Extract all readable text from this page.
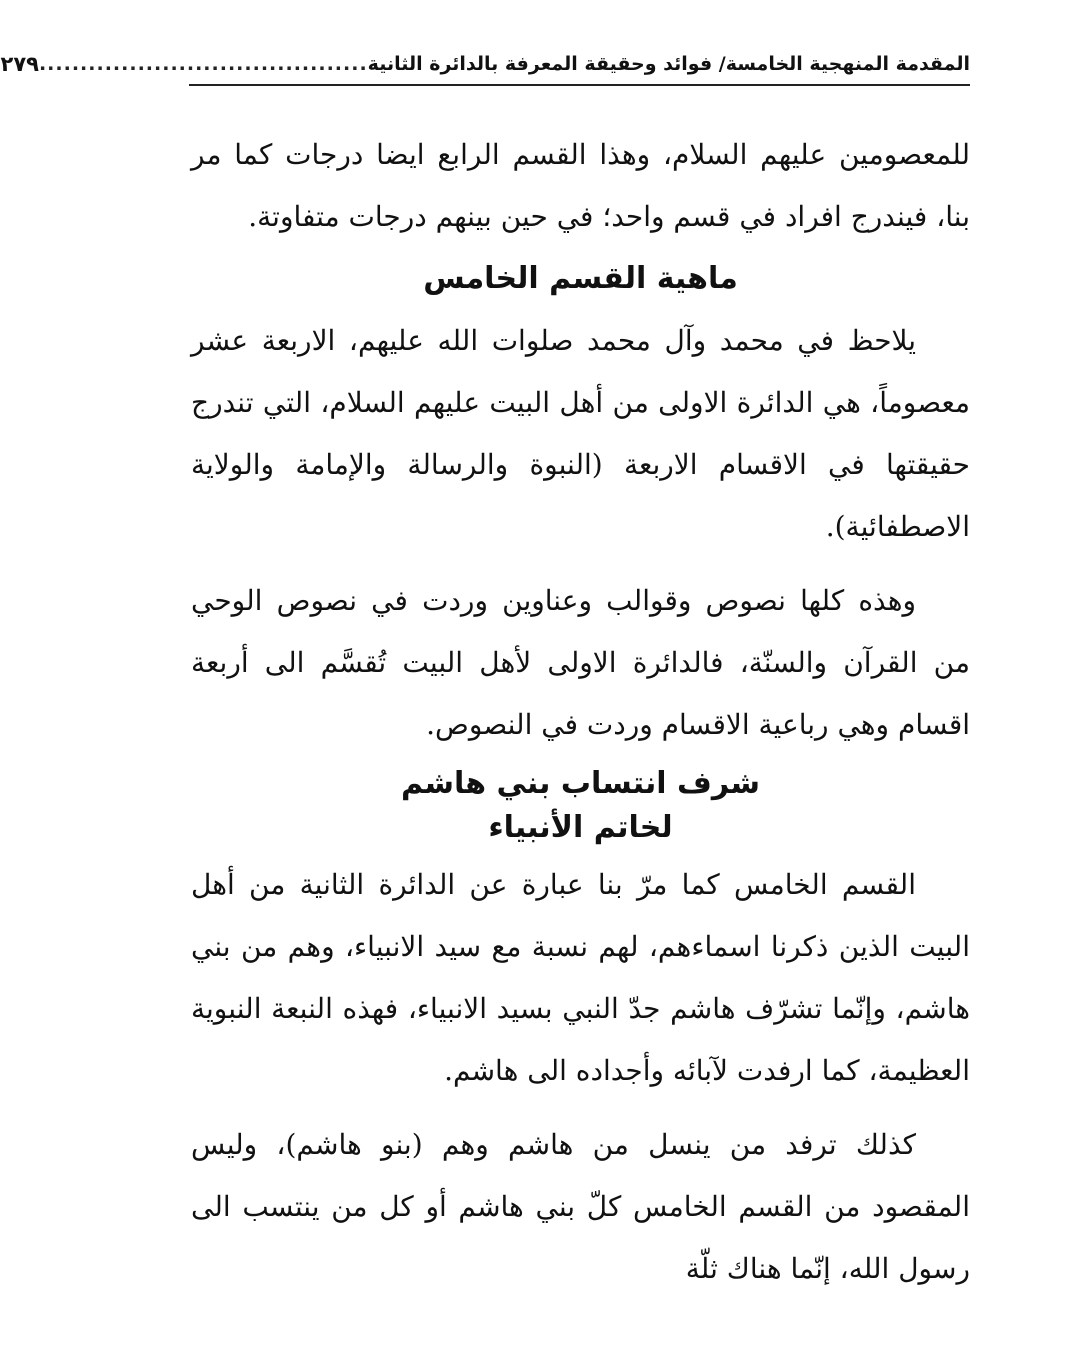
المقدمة المنهجية الخامسة/ فوائد وحقيقة المعرفة بالدائرة الثانية
........................................
٢٧٩

للمعصومين عليهم السلام، وهذا القسم الرابع ايضا درجات كما مر بنا، فيندرج افراد في قسم واحد؛ في حين بينهم درجات متفاوتة.

ماهية القسم الخامس

يلاحظ في محمد وآل محمد صلوات الله عليهم، الاربعة عشر معصوماً، هي الدائرة الاولى من أهل البيت عليهم السلام، التي تندرج حقيقتها في الاقسام الاربعة (النبوة والرسالة والإمامة والولاية الاصطفائية).

وهذه كلها نصوص وقوالب وعناوين وردت في نصوص الوحي من القرآن والسنّة، فالدائرة الاولى لأهل البيت تُقسَّم الى أربعة اقسام وهي رباعية الاقسام وردت في النصوص.

شرف انتساب بني هاشم
لخاتم الأنبياء

القسم الخامس كما مرّ بنا عبارة عن الدائرة الثانية من أهل البيت الذين ذكرنا اسماءهم، لهم نسبة مع سيد الانبياء، وهم من بني هاشم، وإنّما تشرّف هاشم جدّ النبي بسيد الانبياء، فهذه النبعة النبوية العظيمة، كما ارفدت لآبائه وأجداده الى هاشم.

كذلك ترفد من ينسل من هاشم وهم (بنو هاشم)، وليس المقصود من القسم الخامس كلّ بني هاشم أو كل من ينتسب الى رسول الله، إنّما هناك ثلّة
